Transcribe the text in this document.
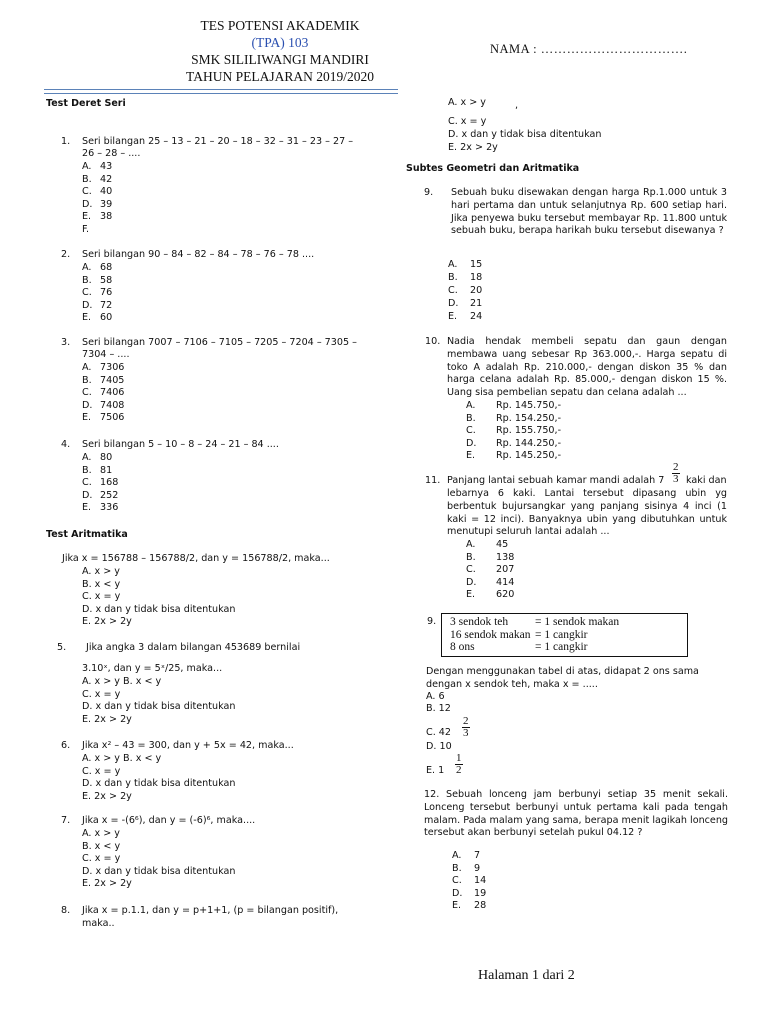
TES POTENSI AKADEMIK
(TPA) 103
SMK SILILIWANGI MANDIRI
TAHUN PELAJARAN 2019/2020
NAMA : …………………………….
Test Deret Seri
1. Seri bilangan 25 – 13 – 21 – 20 – 18 – 32 – 31 – 23 – 27 –
26 – 28 – ....
A. 43
B. 42
C. 40
D. 39
E. 38
F.
2. Seri bilangan 90 – 84 – 82 – 84 – 78 – 76 – 78 ....
A. 68
B. 58
C. 76
D. 72
E. 60
3. Seri bilangan 7007 – 7106 – 7105 – 7205 – 7204 – 7305 –
7304 – ....
A. 7306
B. 7405
C. 7406
D. 7408
E. 7506
4. Seri bilangan 5 – 10 – 8 – 24 – 21 – 84 ....
A. 80
B. 81
C. 168
D. 252
E. 336
Test Aritmatika
Jika x = 156788 – 156788/2, dan y = 156788/2, maka...
A. x > y
B. x < y
C. x = y
D. x dan y tidak bisa ditentukan
E. 2x > 2y
5. Jika angka 3 dalam bilangan 453689 bernilai
3.10ˣ, dan y = 5ˣ/25, maka...
A. x > y B. x < y
C. x = y
D. x dan y tidak bisa ditentukan
E. 2x > 2y
6. Jika x² – 43 = 300, dan y + 5x = 42, maka...
A. x > y B. x < y
C. x = y
D. x dan y tidak bisa ditentukan
E. 2x > 2y
7. Jika x = -(6⁶), dan y = (-6)⁶, maka....
A. x > y
B. x < y
C. x = y
D. x dan y tidak bisa ditentukan
E. 2x > 2y
8. Jika x = p.1.1, dan y = p+1+1, (p = bilangan positif),
maka..
A. x > y
C. x = y
D. x dan y tidak bisa ditentukan
E. 2x > 2y
,
Subtes Geometri dan Aritmatika
9. Sebuah buku disewakan dengan harga Rp.1.000 untuk 3 hari pertama dan untuk selanjutnya Rp. 600 setiap hari. Jika penyewa buku tersebut membayar Rp. 11.800 untuk sebuah buku, berapa harikah buku tersebut disewanya ?
A. 15
B. 18
C. 20
D. 21
E. 24
10. Nadia hendak membeli sepatu dan gaun dengan membawa uang sebesar Rp 363.000,-. Harga sepatu di toko A adalah Rp. 210.000,- dengan diskon 35 % dan harga celana adalah Rp. 85.000,- dengan diskon 15 %.
Uang sisa pembelian sepatu dan celana adalah ...
A. Rp. 145.750,-
B. Rp. 154.250,-
C. Rp. 155.750,-
D. Rp. 144.250,-
E. Rp. 145.250,-
11. Panjang lantai sebuah kamar mandi adalah $7 \frac{2}{3}$ kaki dan
lebarnya 6 kaki. Lantai tersebut dipasang ubin yg berbentuk bujursangkar yang panjang sisinya 4 inci (1 kaki = 12 inci). Banyaknya ubin yang dibutuhkan untuk menutupi seluruh lantai adalah ...
A. 45
B. 138
C. 207
D. 414
E. 620
9. 3 sendok teh = 1 sendok makan
16 sendok makan = 1 cangkir
8 ons	= 1 cangkir
Dengan menggunakan tabel di atas, didapat 2 ons sama
dengan x sendok teh, maka x = .....
A. 6
B. 12
C. $42 \frac{2}{3}$
D. 10
E. $1 \frac{1}{2}$
12. Sebuah lonceng jam berbunyi setiap 35 menit sekali. Lonceng tersebut berbunyi untuk pertama kali pada tengah malam. Pada malam yang sama, berapa menit lagikah lonceng tersebut akan berbunyi setelah pukul 04.12 ?
A. 7
B. 9
C. 14
D. 19
E. 28
Halaman 1 dari 2
